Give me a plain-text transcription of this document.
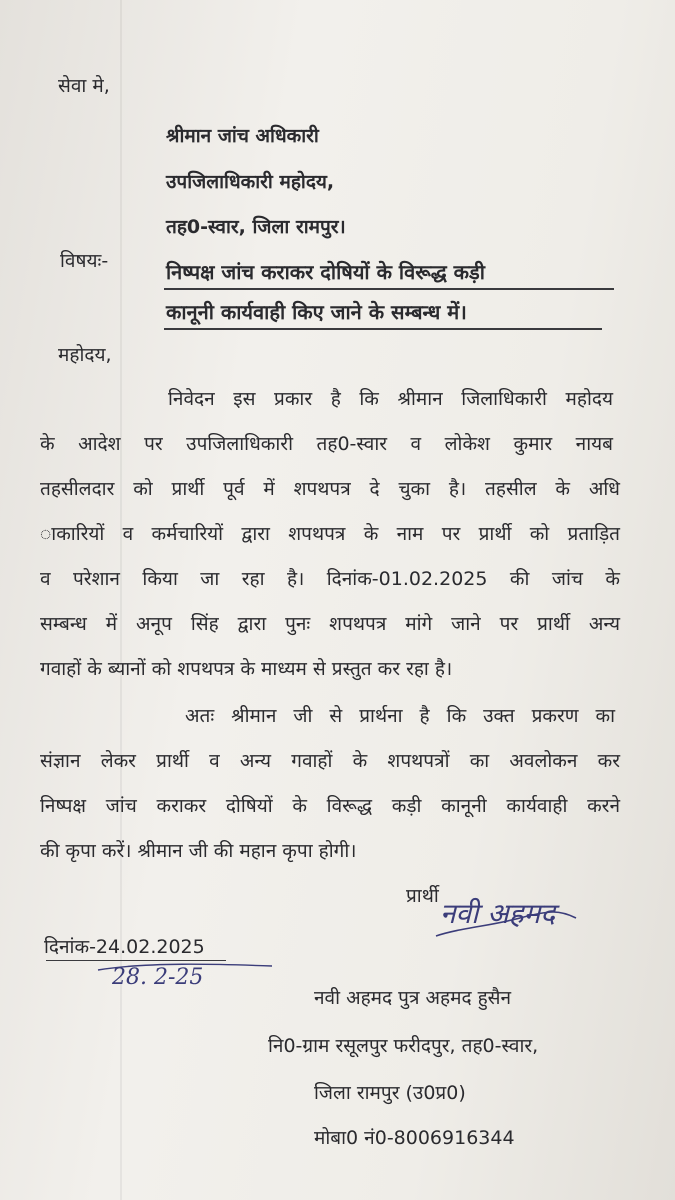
सेवा मे,
श्रीमान जांच अधिकारी
उपजिलाधिकारी महोदय,
तह0-स्वार, जिला रामपुर।
विषयः-	निष्पक्ष जांच कराकर दोषियों के विरूद्ध कड़ी
कानूनी कार्यवाही किए जाने के सम्बन्ध में।
महोदय,
निवेदन इस प्रकार है कि श्रीमान जिलाधिकारी महोदय
के आदेश पर उपजिलाधिकारी तह0-स्वार व लोकेश कुमार नायब
तहसीलदार को प्रार्थी पूर्व में शपथपत्र दे चुका है। तहसील के अधि
ाकारियों व कर्मचारियों द्वारा शपथपत्र के नाम पर प्रार्थी को प्रताड़ित
व परेशान किया जा रहा है। दिनांक-01.02.2025 की जांच के
सम्बन्ध में अनूप सिंह द्वारा पुनः शपथपत्र मांगे जाने पर प्रार्थी अन्य
गवाहों के ब्यानों को शपथपत्र के माध्यम से प्रस्तुत कर रहा है।
अतः श्रीमान जी से प्रार्थना है कि उक्त प्रकरण का
संज्ञान लेकर प्रार्थी व अन्य गवाहों के शपथपत्रों का अवलोकन कर
निष्पक्ष जांच कराकर दोषियों के विरूद्ध कड़ी कानूनी कार्यवाही करने
की कृपा करें। श्रीमान जी की महान कृपा होगी।
प्रार्थी
नवी अहमद
दिनांक-24.02.2025
28. 2-25
नवी अहमद पुत्र अहमद हुसैन
नि0-ग्राम रसूलपुर फरीदपुर, तह0-स्वार,
जिला रामपुर (उ0प्र0)
मोबा0 नं0-8006916344
